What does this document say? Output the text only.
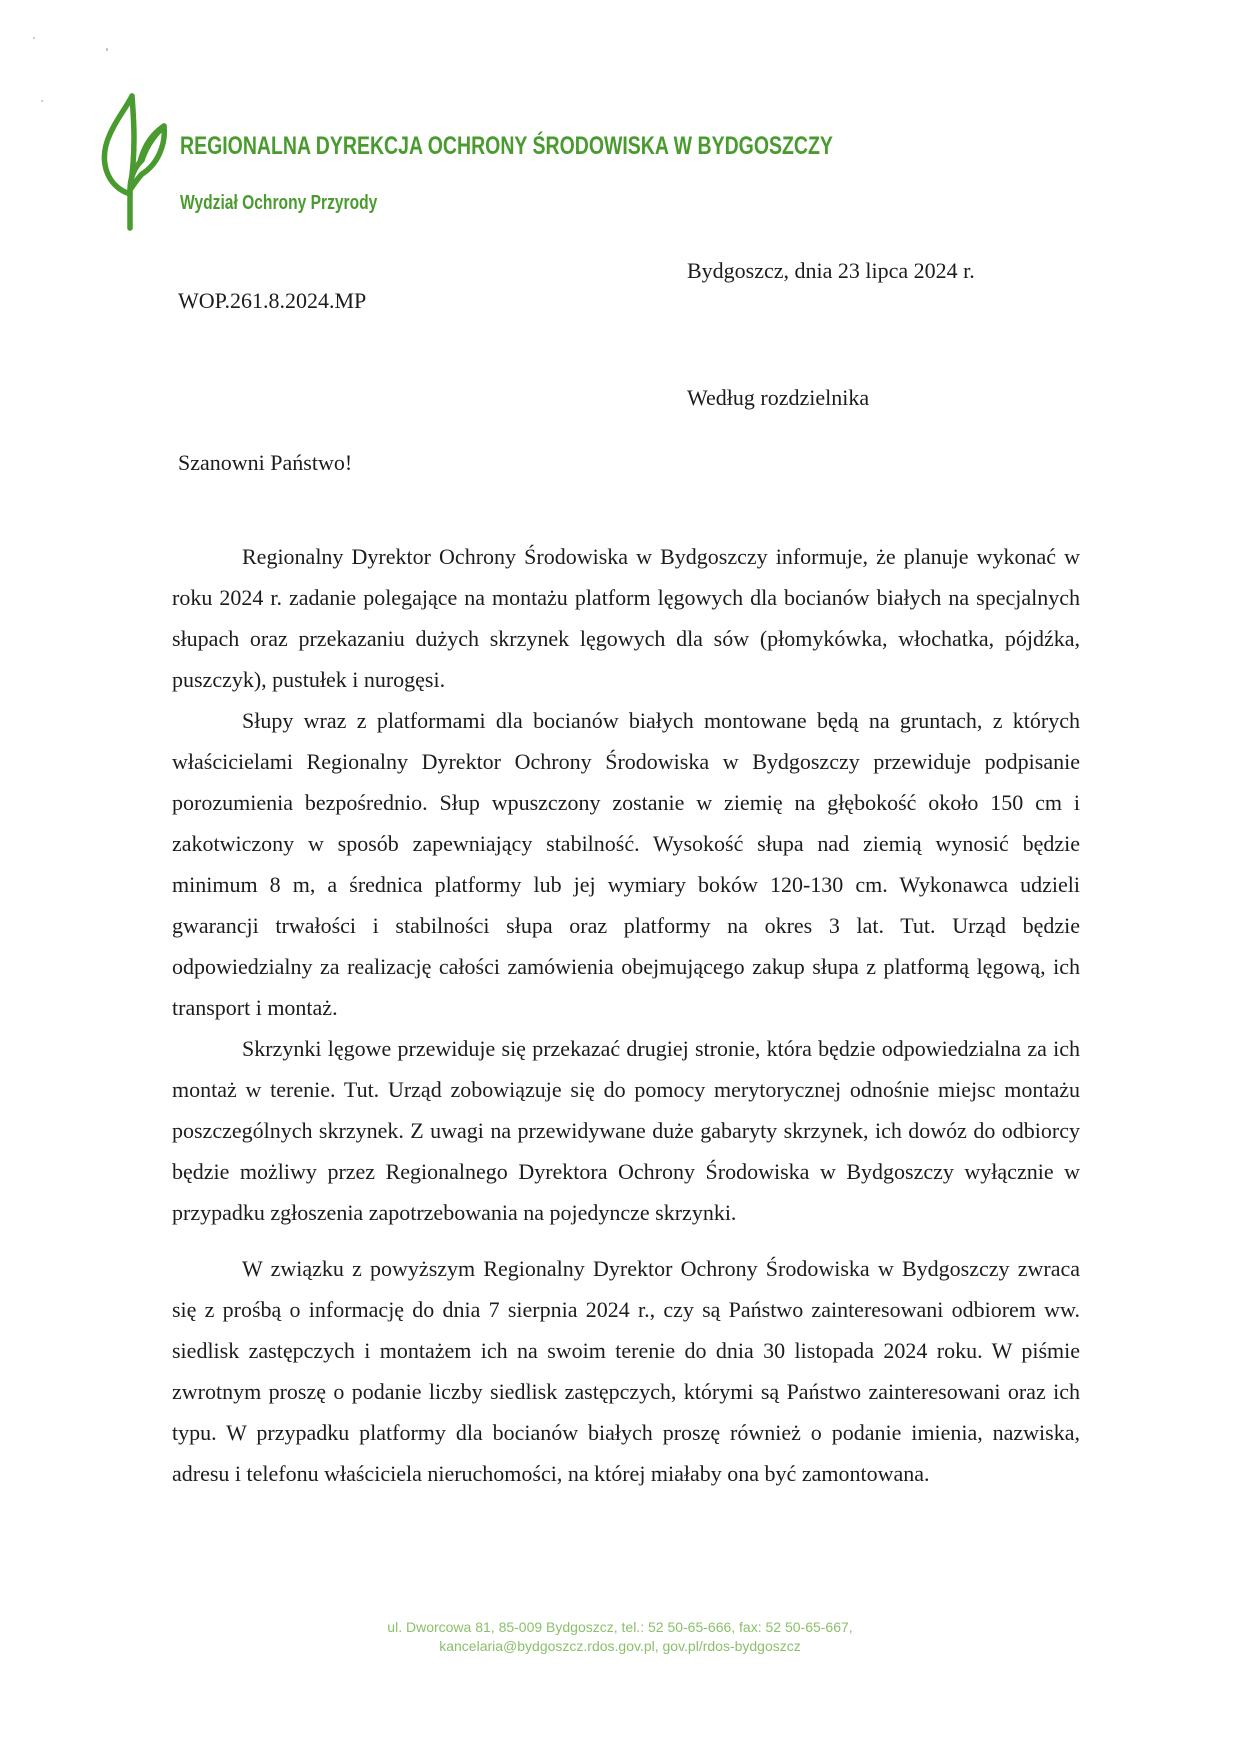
REGIONALNA DYREKCJA OCHRONY ŚRODOWISKA W BYDGOSZCZY
Wydział Ochrony Przyrody
Bydgoszcz, dnia 23 lipca 2024 r.
WOP.261.8.2024.MP
Według rozdzielnika
Szanowni Państwo!

Regionalny Dyrektor Ochrony Środowiska w Bydgoszczy informuje, że planuje wykonać w roku 2024 r. zadanie polegające na montażu platform lęgowych dla bocianów białych na specjalnych słupach oraz przekazaniu dużych skrzynek lęgowych dla sów (płomykówka, włochatka, pójdźka, puszczyk), pustułek i nurogęsi.

Słupy wraz z platformami dla bocianów białych montowane będą na gruntach, z których właścicielami Regionalny Dyrektor Ochrony Środowiska w Bydgoszczy przewiduje podpisanie porozumienia bezpośrednio. Słup wpuszczony zostanie w ziemię na głębokość około 150 cm i zakotwiczony w sposób zapewniający stabilność. Wysokość słupa nad ziemią wynosić będzie minimum 8 m, a średnica platformy lub jej wymiary boków 120-130 cm. Wykonawca udzieli gwarancji trwałości i stabilności słupa oraz platformy na okres 3 lat. Tut. Urząd będzie odpowiedzialny za realizację całości zamówienia obejmującego zakup słupa z platformą lęgową, ich transport i montaż.

Skrzynki lęgowe przewiduje się przekazać drugiej stronie, która będzie odpowiedzialna za ich montaż w terenie. Tut. Urząd zobowiązuje się do pomocy merytorycznej odnośnie miejsc montażu poszczególnych skrzynek. Z uwagi na przewidywane duże gabaryty skrzynek, ich dowóz do odbiorcy będzie możliwy przez Regionalnego Dyrektora Ochrony Środowiska w Bydgoszczy wyłącznie w przypadku zgłoszenia zapotrzebowania na pojedyncze skrzynki.

W związku z powyższym Regionalny Dyrektor Ochrony Środowiska w Bydgoszczy zwraca się z prośbą o informację do dnia 7 sierpnia 2024 r., czy są Państwo zainteresowani odbiorem ww. siedlisk zastępczych i montażem ich na swoim terenie do dnia 30 listopada 2024 roku. W piśmie zwrotnym proszę o podanie liczby siedlisk zastępczych, którymi są Państwo zainteresowani oraz ich typu. W przypadku platformy dla bocianów białych proszę również o podanie imienia, nazwiska, adresu i telefonu właściciela nieruchomości, na której miałaby ona być zamontowana.

ul. Dworcowa 81, 85-009 Bydgoszcz, tel.: 52 50-65-666, fax: 52 50-65-667,
kancelaria@bydgoszcz.rdos.gov.pl, gov.pl/rdos-bydgoszcz
